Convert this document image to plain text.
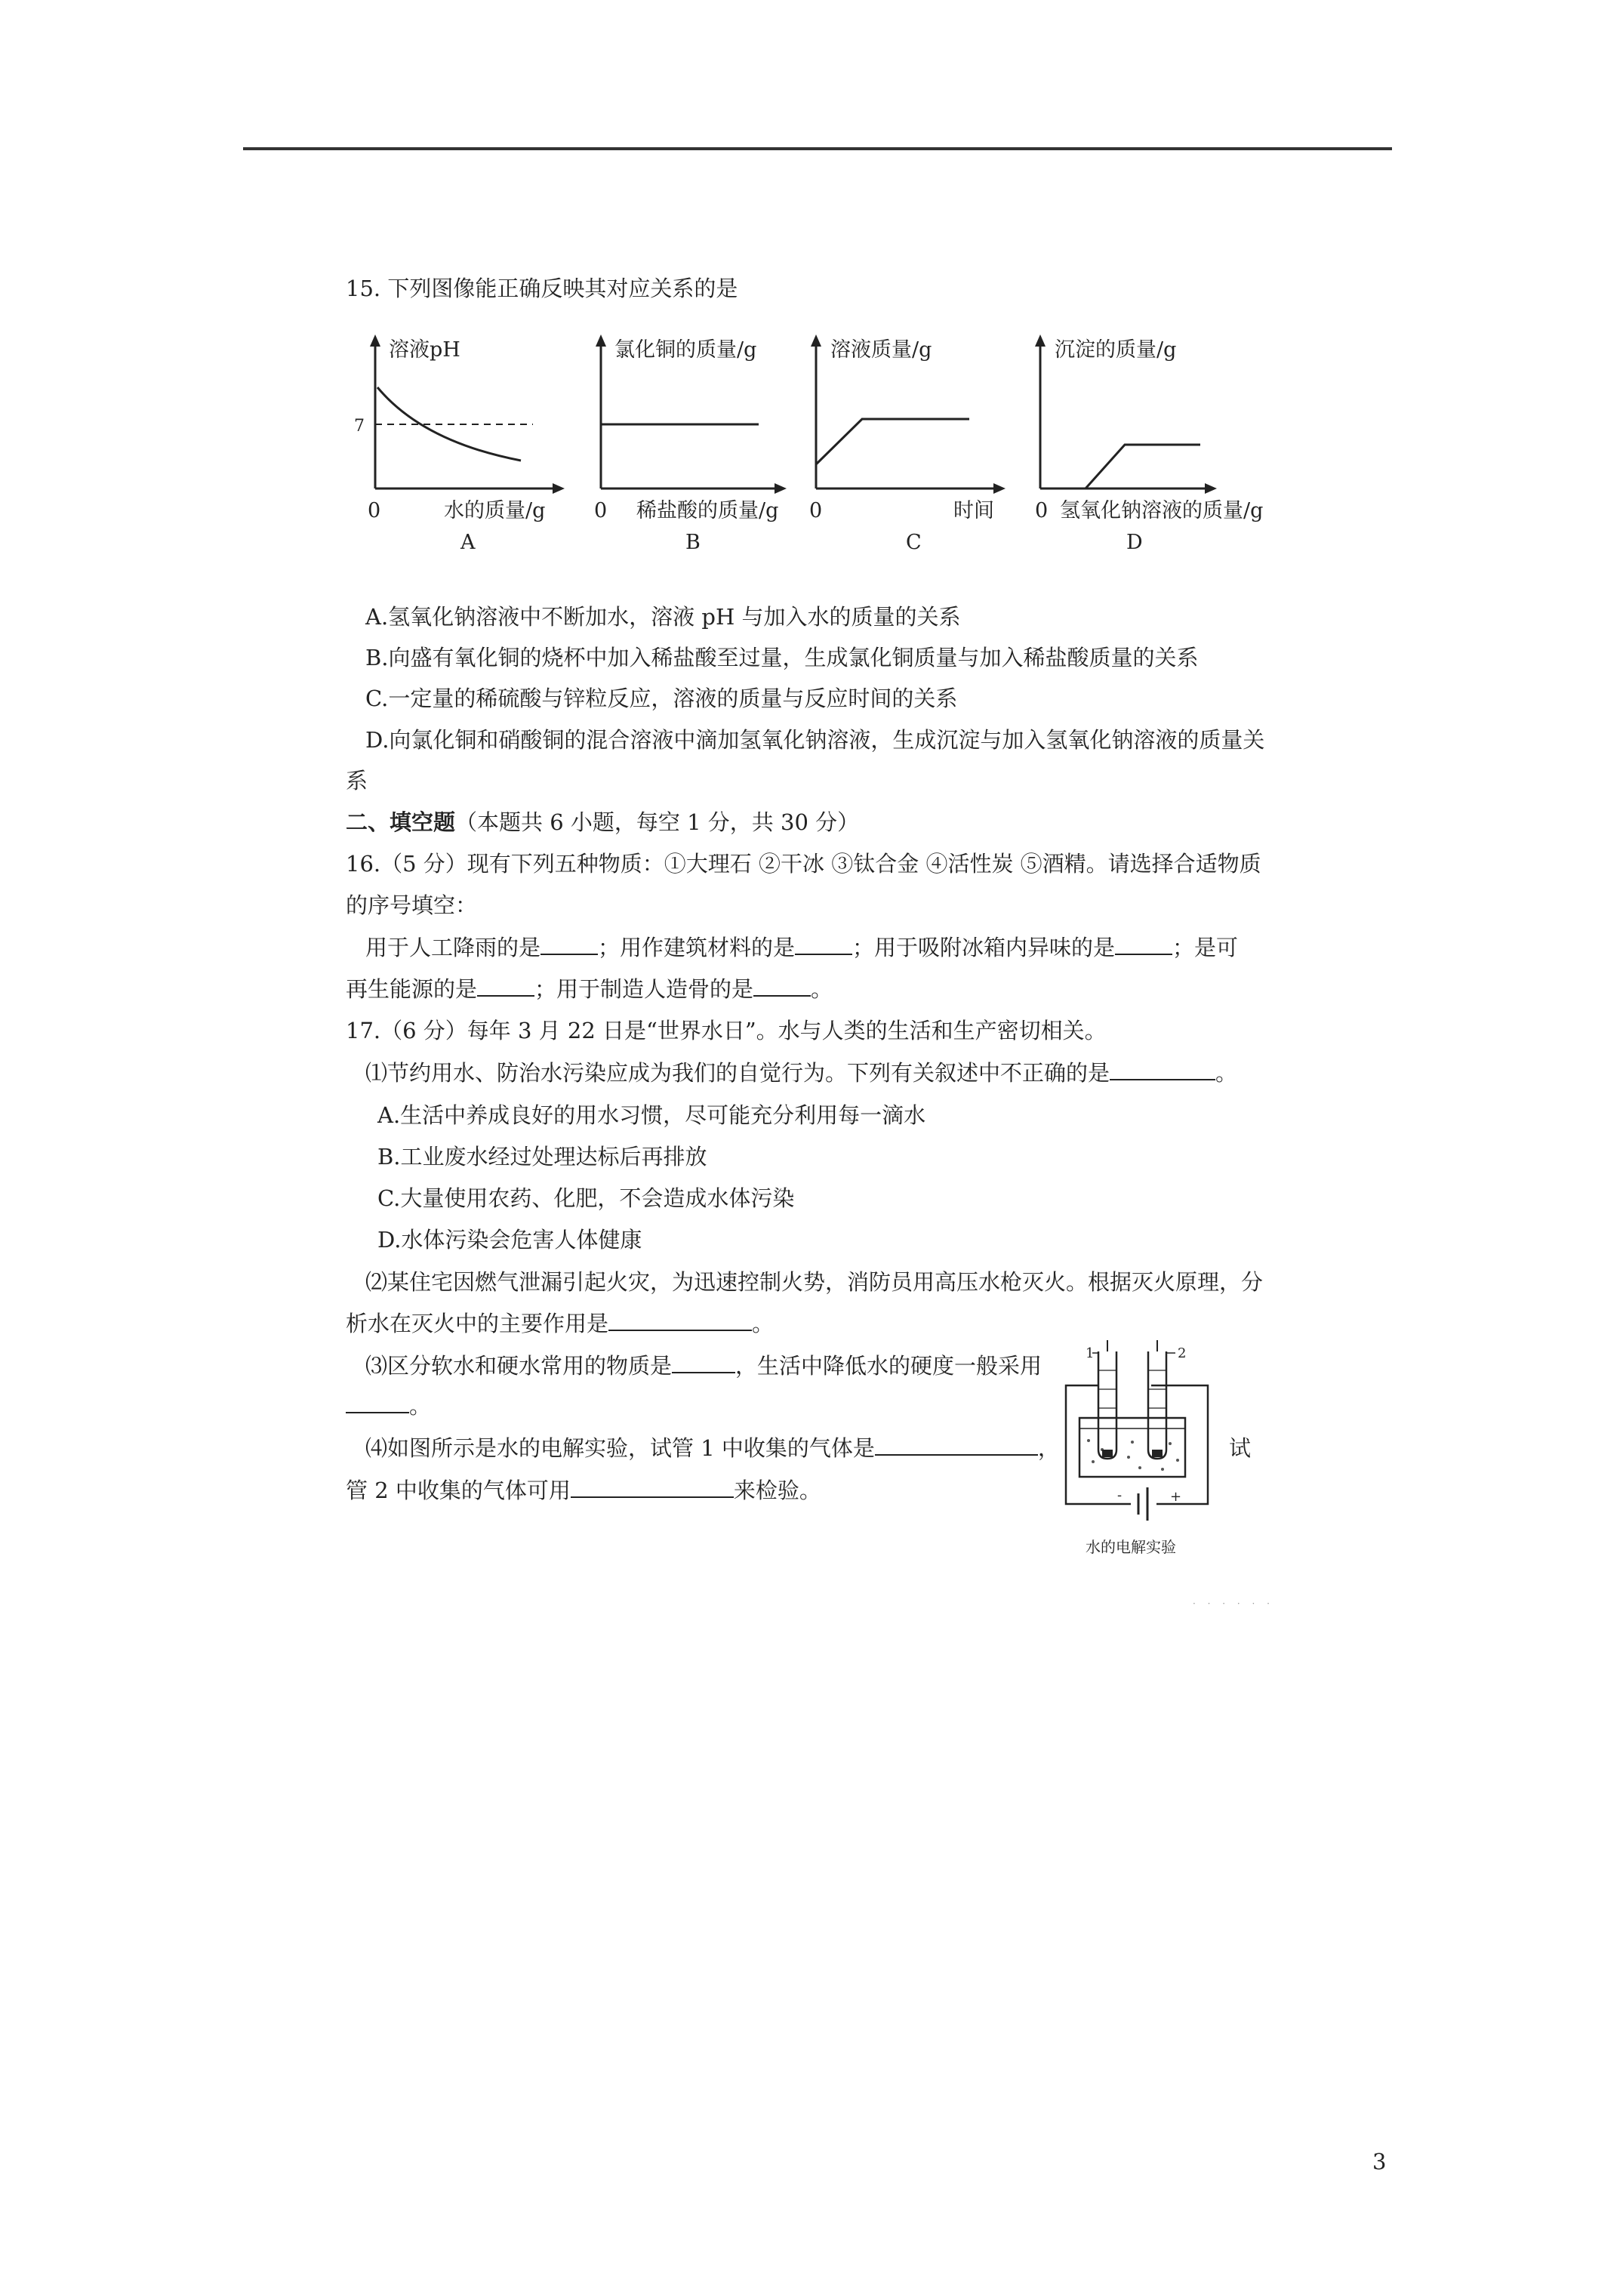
15. 下列图像能正确反映其对应关系的是
溶液pH
7
0	水的质量/g
A
氯化铜的质量/g
0 稀盐酸的质量/g
B
溶液质量/g
0	时间
C
沉淀的质量/g
0 氢氧化钠溶液的质量/g
D
A.氢氧化钠溶液中不断加水，溶液 pH 与加入水的质量的关系
B.向盛有氧化铜的烧杯中加入稀盐酸至过量，生成氯化铜质量与加入稀盐酸质量的关系
C.一定量的稀硫酸与锌粒反应，溶液的质量与反应时间的关系
D.向氯化铜和硝酸铜的混合溶液中滴加氢氧化钠溶液，生成沉淀与加入氢氧化钠溶液的质量关
系
二、填空题（本题共 6 小题，每空 1 分，共 30 分）
16.（5 分）现有下列五种物质：①大理石 ②干冰 ③钛合金 ④活性炭 ⑤酒精。请选择合适物质
的序号填空：
用于人工降雨的是	；用作建筑材料的是	；用于吸附冰箱内异味的是	；是可
再生能源的是	；用于制造人造骨的是	。
17.（6 分）每年 3 月 22 日是“世界水日”。水与人类的生活和生产密切相关。
⑴节约用水、防治水污染应成为我们的自觉行为。下列有关叙述中不正确的是	。
A.生活中养成良好的用水习惯，尽可能充分利用每一滴水
B.工业废水经过处理达标后再排放
C.大量使用农药、化肥，不会造成水体污染
D.水体污染会危害人体健康
⑵某住宅因燃气泄漏引起火灾，为迅速控制火势，消防员用高压水枪灭火。根据灭火原理，分
析水在灭火中的主要作用是	。
⑶区分软水和硬水常用的物质是	，生活中降低水的硬度一般采用
。
⑷如图所示是水的电解实验，试管 1 中收集的气体是	，	试
管 2 中收集的气体可用	来检验。	-	+
1	2
水的电解实验
· · · · · ·
3
